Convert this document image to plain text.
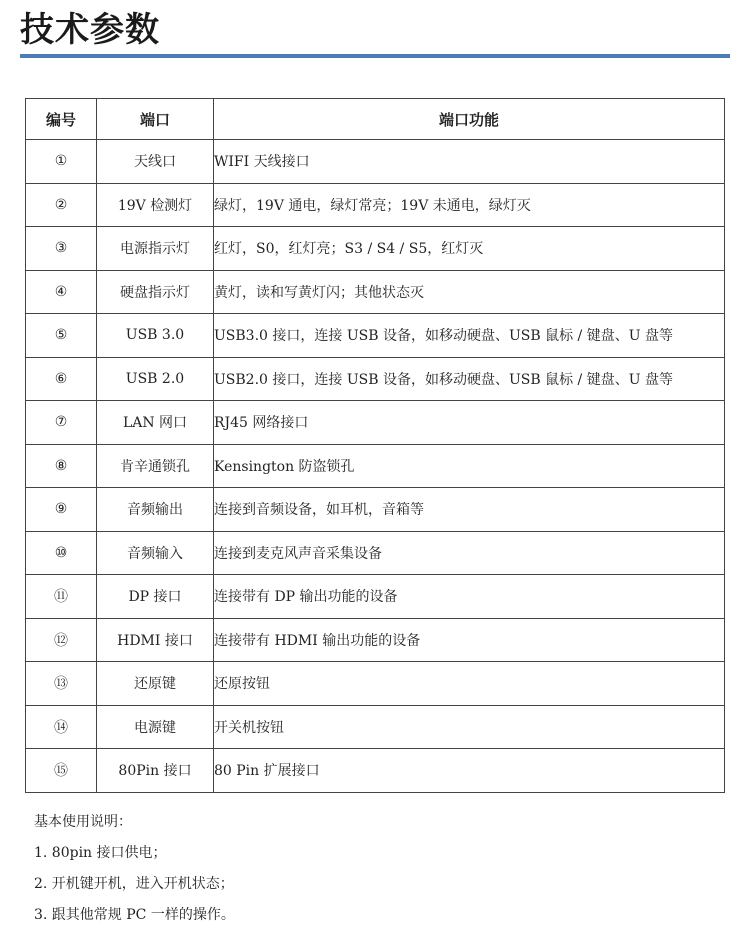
技术参数
编号	端口	端口功能
①	天线口	WIFI 天线接口
②	19V 检测灯	绿灯，19V 通电，绿灯常亮；19V 未通电，绿灯灭
③	电源指示灯	红灯，S0，红灯亮；S3 / S4 / S5，红灯灭
④	硬盘指示灯	黄灯，读和写黄灯闪；其他状态灭
⑤	USB 3.0	USB3.0 接口，连接 USB 设备，如移动硬盘、USB 鼠标 / 键盘、U 盘等
⑥	USB 2.0	USB2.0 接口，连接 USB 设备，如移动硬盘、USB 鼠标 / 键盘、U 盘等
⑦	LAN 网口	RJ45 网络接口
⑧	肯辛通锁孔	Kensington 防盗锁孔
⑨	音频输出	连接到音频设备，如耳机，音箱等
⑩	音频输入	连接到麦克风声音采集设备
⑪	DP 接口	连接带有 DP 输出功能的设备
⑫	HDMI 接口	连接带有 HDMI 输出功能的设备
⑬	还原键	还原按钮
⑭	电源键	开关机按钮
⑮	80Pin 接口	80 Pin 扩展接口

基本使用说明：

1. 80pin 接口供电；

2. 开机键开机，进入开机状态；

3. 跟其他常规 PC 一样的操作。
